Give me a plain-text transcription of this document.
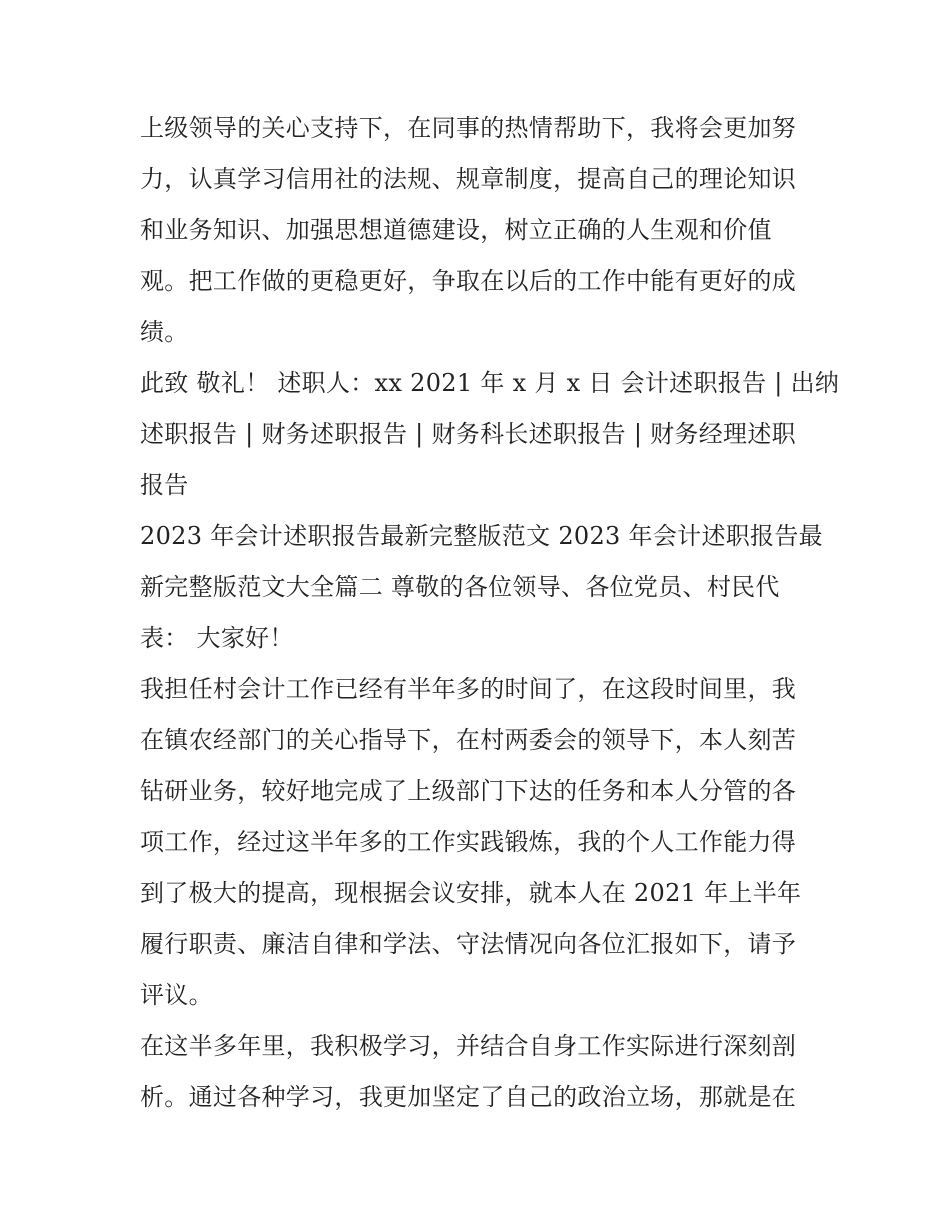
上级领导的关心支持下，在同事的热情帮助下，我将会更加努
力，认真学习信用社的法规、规章制度，提高自己的理论知识
和业务知识、加强思想道德建设，树立正确的人生观和价值
观。把工作做的更稳更好，争取在以后的工作中能有更好的成
绩。
此致 敬礼！ 述职人：xx 2021 年 x 月 x 日 会计述职报告 | 出纳
述职报告 | 财务述职报告 | 财务科长述职报告 | 财务经理述职
报告
2023 年会计述职报告最新完整版范文 2023 年会计述职报告最
新完整版范文大全篇二 尊敬的各位领导、各位党员、村民代
表： 大家好！
我担任村会计工作已经有半年多的时间了，在这段时间里，我
在镇农经部门的关心指导下，在村两委会的领导下，本人刻苦
钻研业务，较好地完成了上级部门下达的任务和本人分管的各
项工作，经过这半年多的工作实践锻炼，我的个人工作能力得
到了极大的提高，现根据会议安排，就本人在 2021 年上半年
履行职责、廉洁自律和学法、守法情况向各位汇报如下，请予
评议。
在这半多年里，我积极学习，并结合自身工作实际进行深刻剖
析。通过各种学习，我更加坚定了自己的政治立场，那就是在
